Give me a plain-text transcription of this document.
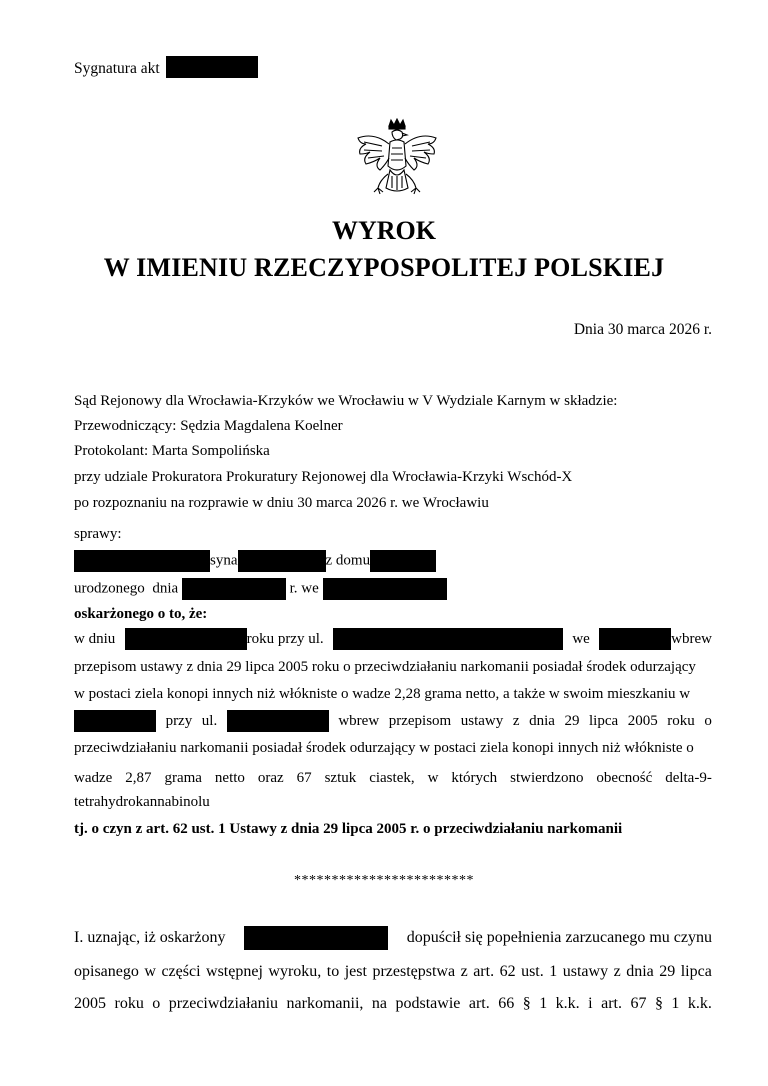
Sygnatura akt
WYROK
W IMIENIU RZECZYPOSPOLITEJ POLSKIEJ
Dnia 30 marca 2026 r.
Sąd Rejonowy dla Wrocławia-Krzyków we Wrocławiu w V Wydziale Karnym w składzie:
Przewodniczący: Sędzia Magdalena Koelner
Protokolant: Marta Sompolińska
przy udziale Prokuratora Prokuratury Rejonowej dla Wrocławia-Krzyki Wschód-X
po rozpoznaniu na rozprawie w dniu 30 marca 2026 r. we Wrocławiu
sprawy:
syna	z domu
urodzonego dnia	r. we
oskarżonego o to, że:
w dniu	roku przy ul.	we	wbrew
przepisom ustawy z dnia 29 lipca 2005 roku o przeciwdziałaniu narkomanii posiadał środek odurzający
w postaci ziela konopi innych niż włókniste o wadze 2,28 grama netto, a także w swoim mieszkaniu w
przy ul.	wbrew przepisom ustawy z dnia 29 lipca 2005 roku o
przeciwdziałaniu narkomanii posiadał środek odurzający w postaci ziela konopi innych niż włókniste o
wadze 2,87 grama netto oraz 67 sztuk ciastek, w których stwierdzono obecność delta-9-
tetrahydrokannabinolu
tj. o czyn z art. 62 ust. 1 Ustawy z dnia 29 lipca 2005 r. o przeciwdziałaniu narkomanii
************************
I. uznając, iż oskarżony	dopuścił się popełnienia zarzucanego mu czynu
opisanego w części wstępnej wyroku, to jest przestępstwa z art. 62 ust. 1 ustawy z dnia 29 lipca
2005 roku o przeciwdziałaniu narkomanii, na podstawie art. 66 § 1 k.k. i art. 67 § 1 k.k.
